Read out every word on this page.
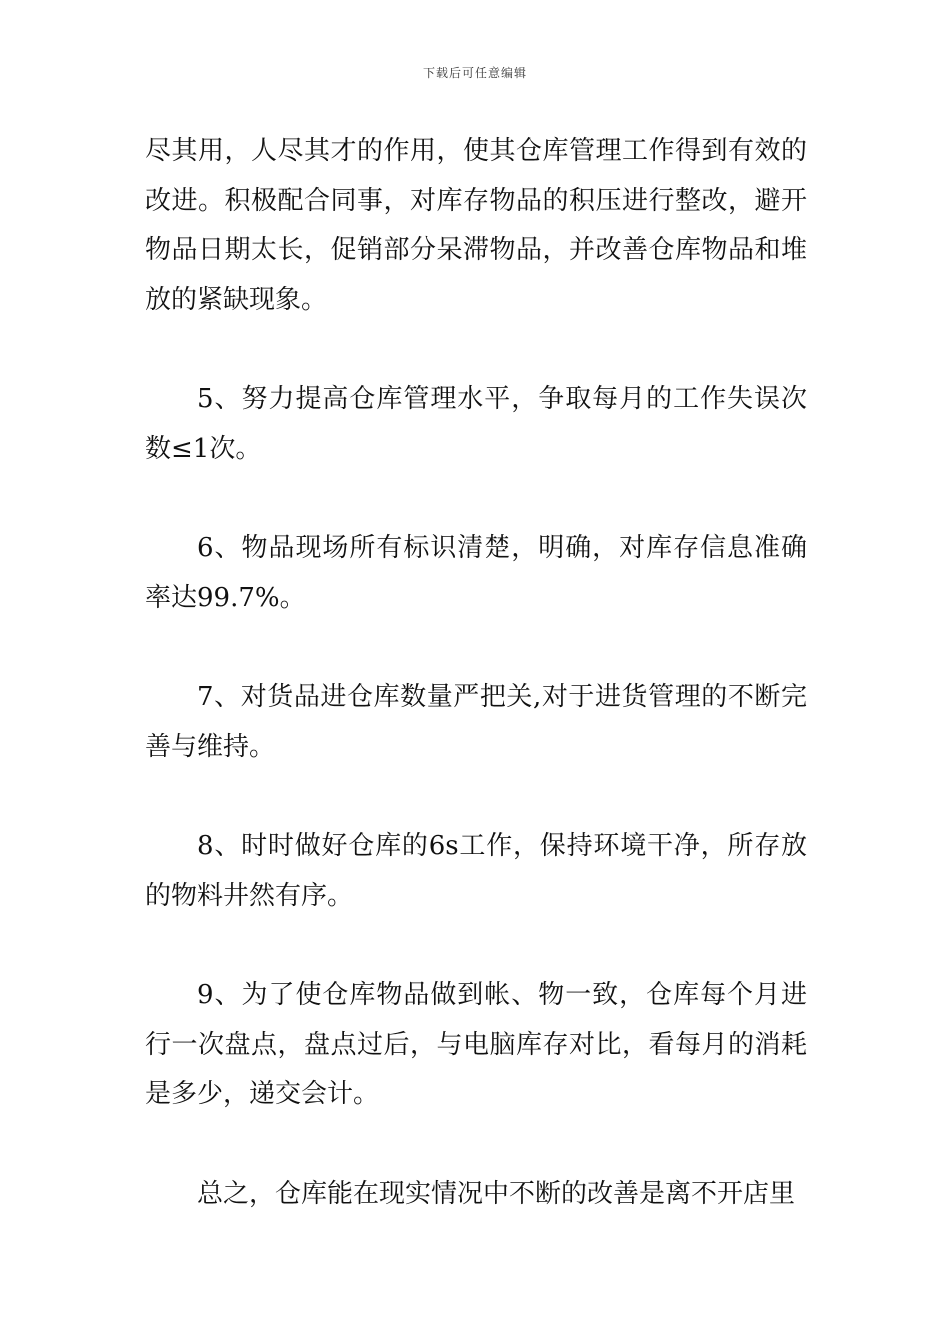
下载后可任意编辑

尽其用，人尽其才的作用，使其仓库管理工作得到有效的改进。积极配合同事，对库存物品的积压进行整改，避开物品日期太长，促销部分呆滞物品，并改善仓库物品和堆放的紧缺现象。

5、努力提高仓库管理水平，争取每月的工作失误次数≤1次。

6、物品现场所有标识清楚，明确，对库存信息准确率达99.7%。

7、对货品进仓库数量严把关,对于进货管理的不断完善与维持。

8、时时做好仓库的6s工作，保持环境干净，所存放的物料井然有序。

9、为了使仓库物品做到帐、物一致，仓库每个月进行一次盘点，盘点过后，与电脑库存对比，看每月的消耗是多少，递交会计。

总之，仓库能在现实情况中不断的改善是离不开店里
